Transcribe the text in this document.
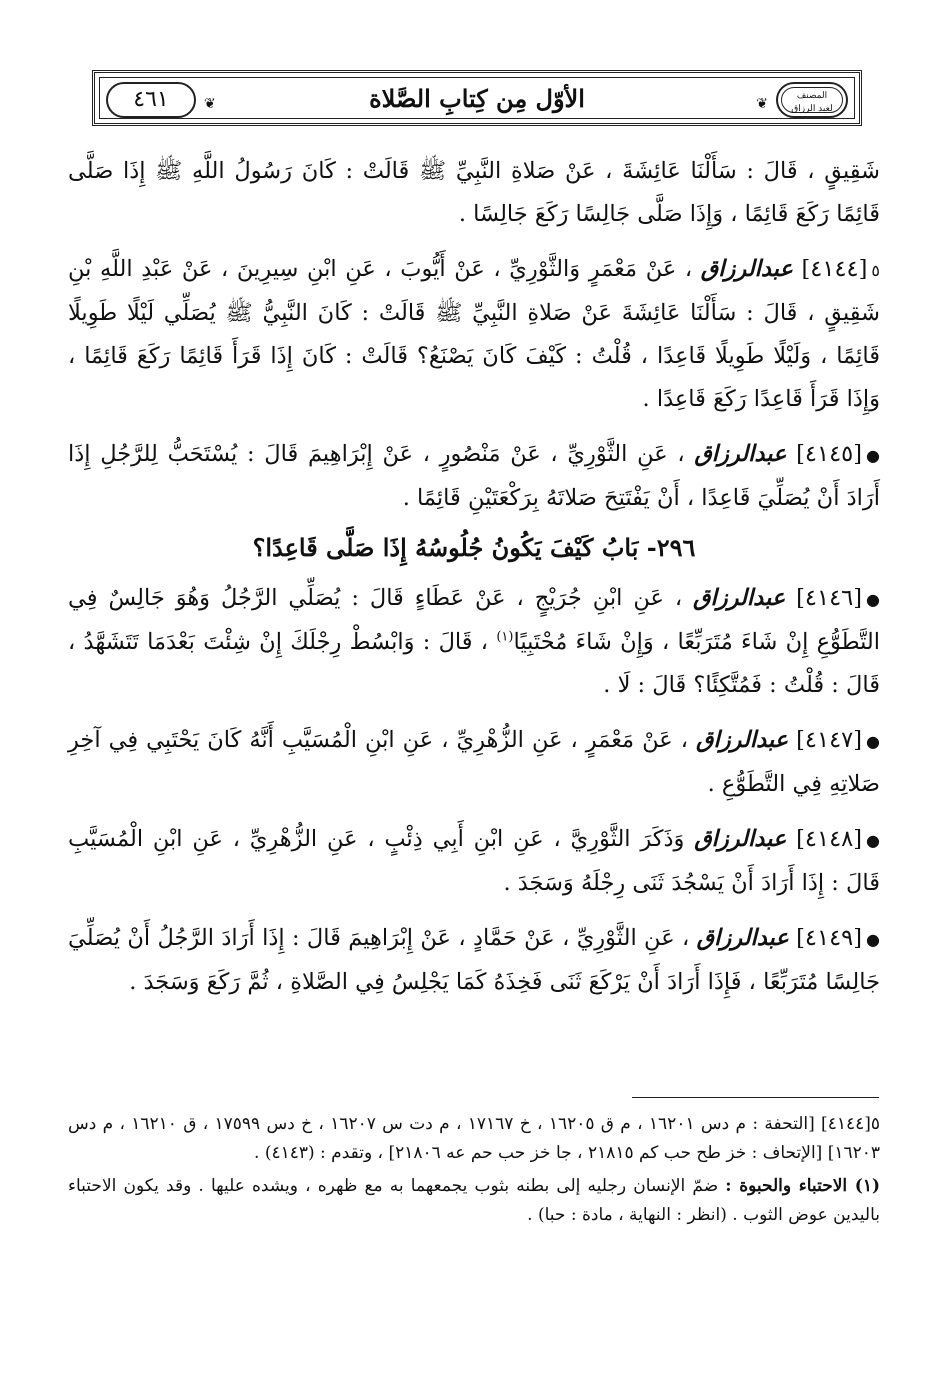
المصنف
لعبد الرزاق
❦
الأوّل مِن كِتابِ الصَّلاة
❦
٤٦١

شَقِيقٍ ، قَالَ : سَأَلْنَا عَائِشَةَ ، عَنْ صَلاةِ النَّبِيِّ ﷺ قَالَتْ : كَانَ رَسُولُ اللَّهِ ﷺ إِذَا صَلَّى قَائِمًا رَكَعَ قَائِمًا ، وَإِذَا صَلَّى جَالِسًا رَكَعَ جَالِسًا .

٥[٤١٤٤] عبدالرزاق ، عَنْ مَعْمَرٍ وَالثَّوْرِيِّ ، عَنْ أَيُّوبَ ، عَنِ ابْنِ سِيرِينَ ، عَنْ عَبْدِ اللَّهِ بْنِ شَقِيقٍ ، قَالَ : سَأَلْنَا عَائِشَةَ عَنْ صَلاةِ النَّبِيِّ ﷺ قَالَتْ : كَانَ النَّبِيُّ ﷺ يُصَلِّي لَيْلًا طَوِيلًا قَائِمًا ، وَلَيْلًا طَوِيلًا قَاعِدًا ، قُلْتُ : كَيْفَ كَانَ يَصْنَعُ؟ قَالَتْ : كَانَ إِذَا قَرَأَ قَائِمًا رَكَعَ قَائِمًا ، وَإِذَا قَرَأَ قَاعِدًا رَكَعَ قَاعِدًا .

●[٤١٤٥] عبدالرزاق ، عَنِ الثَّوْرِيِّ ، عَنْ مَنْصُورٍ ، عَنْ إِبْرَاهِيمَ قَالَ : يُسْتَحَبُّ لِلرَّجُلِ إِذَا أَرَادَ أَنْ يُصَلِّيَ قَاعِدًا ، أَنْ يَفْتَتِحَ صَلاتَهُ بِرَكْعَتَيْنِ قَائِمًا .

٢٩٦- بَابُ كَيْفَ يَكُونُ جُلُوسُهُ إِذَا صَلَّى قَاعِدًا؟

●[٤١٤٦] عبدالرزاق ، عَنِ ابْنِ جُرَيْجٍ ، عَنْ عَطَاءٍ قَالَ : يُصَلِّي الرَّجُلُ وَهُوَ جَالِسٌ فِي التَّطَوُّعِ إِنْ شَاءَ مُتَرَبِّعًا ، وَإِنْ شَاءَ مُحْتَبِيًا$^{(١)}$ ، قَالَ : وَابْسُطْ رِجْلَكَ إِنْ شِئْتَ بَعْدَمَا تَتَشَهَّدُ ، قَالَ : قُلْتُ : فَمُتَّكِئًا؟ قَالَ : لَا .

●[٤١٤٧] عبدالرزاق ، عَنْ مَعْمَرٍ ، عَنِ الزُّهْرِيِّ ، عَنِ ابْنِ الْمُسَيَّبِ أَنَّهُ كَانَ يَحْتَبِي فِي آخِرِ صَلاتِهِ فِي التَّطَوُّعِ .

●[٤١٤٨] عبدالرزاق وَذَكَرَ الثَّوْرِيَّ ، عَنِ ابْنِ أَبِي ذِئْبٍ ، عَنِ الزُّهْرِيِّ ، عَنِ ابْنِ الْمُسَيَّبِ قَالَ : إِذَا أَرَادَ أَنْ يَسْجُدَ ثَنَى رِجْلَهُ وَسَجَدَ .

●[٤١٤٩] عبدالرزاق ، عَنِ الثَّوْرِيِّ ، عَنْ حَمَّادٍ ، عَنْ إِبْرَاهِيمَ قَالَ : إِذَا أَرَادَ الرَّجُلُ أَنْ يُصَلِّيَ جَالِسًا مُتَرَبِّعًا ، فَإِذَا أَرَادَ أَنْ يَرْكَعَ ثَنَى فَخِذَهُ كَمَا يَجْلِسُ فِي الصَّلاةِ ، ثُمَّ رَكَعَ وَسَجَدَ .

٥[٤١٤٤] [التحفة : م دس ١٦٢٠١ ، م ق ١٦٢٠٥ ، خ ١٧١٦٧ ، م دت س ١٦٢٠٧ ، خ دس ١٧٥٩٩ ، ق ١٦٢١٠ ، م دس ١٦٢٠٣] [الإتحاف : خز طح حب كم ٢١٨١٥ ، جا خز حب حم عه ٢١٨٠٦] ، وتقدم : (٤١٤٣) .

(١) الاحتباء والحبوة : ضمّ الإنسان رجليه إلى بطنه بثوب يجمعهما به مع ظهره ، ويشده عليها . وقد يكون الاحتباء باليدين عوض الثوب . (انظر : النهاية ، مادة : حبا) .
